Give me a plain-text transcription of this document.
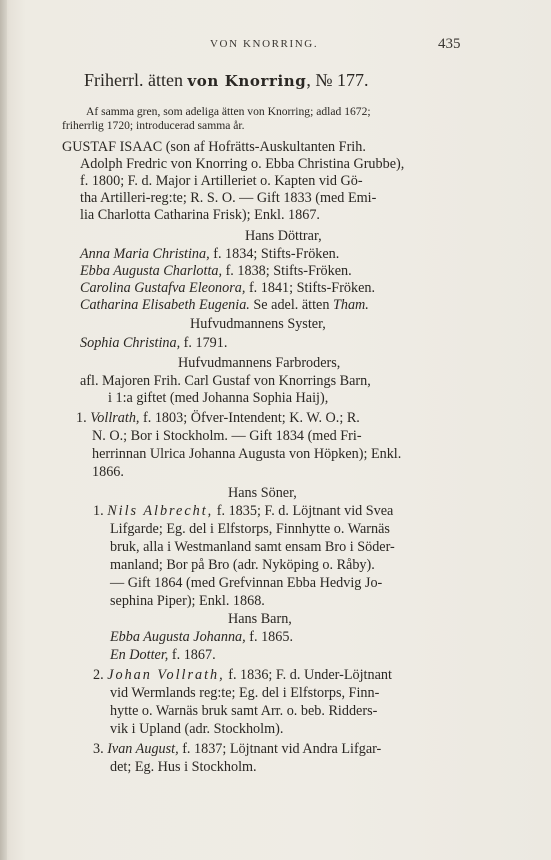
VON KNORRING.	435
Friherrl. ätten von Knorring, № 177.
Af samma gren, som adeliga ätten von Knorring; adlad 1672;
friherrlig 1720; introducerad samma år.
GUSTAF ISAAC (son af Hofrätts-Auskultanten Frih.
Adolph Fredric von Knorring o. Ebba Christina Grubbe),
f. 1800; F. d. Major i Artilleriet o. Kapten vid Gö-
tha Artilleri-reg:te; R. S. O. — Gift 1833 (med Emi-
lia Charlotta Catharina Frisk); Enkl. 1867.
Hans Döttrar,
Anna Maria Christina, f. 1834; Stifts-Fröken.
Ebba Augusta Charlotta, f. 1838; Stifts-Fröken.
Carolina Gustafva Eleonora, f. 1841; Stifts-Fröken.
Catharina Elisabeth Eugenia. Se adel. ätten Tham.
Hufvudmannens Syster,
Sophia Christina, f. 1791.
Hufvudmannens Farbroders,
afl. Majoren Frih. Carl Gustaf von Knorrings Barn,
i 1:a giftet (med Johanna Sophia Haij),
1. Vollrath, f. 1803; Öfver-Intendent; K. W. O.; R.
N. O.; Bor i Stockholm. — Gift 1834 (med Fri-
herrinnan Ulrica Johanna Augusta von Höpken); Enkl.
1866.
Hans Söner,
1. Nils Albrecht, f. 1835; F. d. Löjtnant vid Svea
Lifgarde; Eg. del i Elfstorps, Finnhytte o. Warnäs
bruk, alla i Westmanland samt ensam Bro i Söder-
manland; Bor på Bro (adr. Nyköping o. Råby).
— Gift 1864 (med Grefvinnan Ebba Hedvig Jo-
sephina Piper); Enkl. 1868.
Hans Barn,
Ebba Augusta Johanna, f. 1865.
En Dotter, f. 1867.
2. Johan Vollrath, f. 1836; F. d. Under-Löjtnant
vid Wermlands reg:te; Eg. del i Elfstorps, Finn-
hytte o. Warnäs bruk samt Arr. o. beb. Ridders-
vik i Upland (adr. Stockholm).
3. Ivan August, f. 1837; Löjtnant vid Andra Lifgar-
det; Eg. Hus i Stockholm.
